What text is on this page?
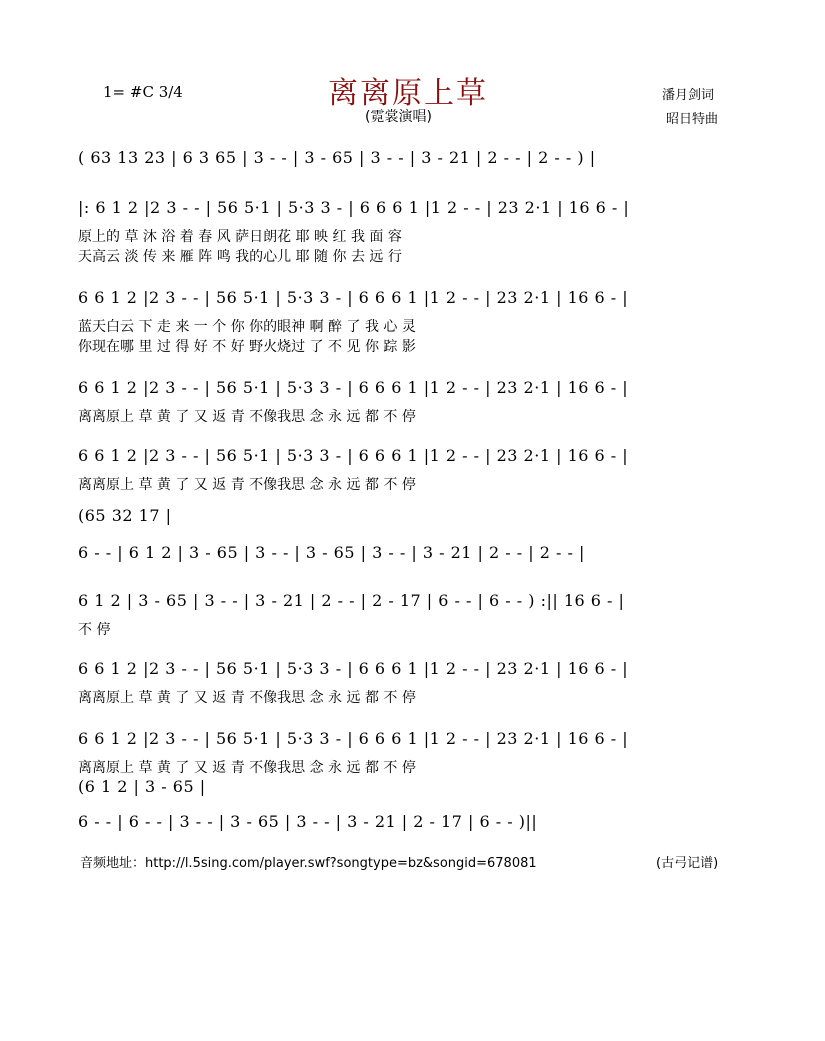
离离原上草
(霓裳演唱)
1= #C 3/4	潘月剑词
昭日特曲
( 63 13 23 | 6 3 65 | 3 - - | 3 - 65 | 3 - - | 3 - 21 | 2 - - | 2 - - ) |
|: 6 1 2 |2 3 - - | 56 5·1 | 5·3 3 - | 6 6 6 1 |1 2 - - | 23 2·1 | 16 6 - |
原上的 草 沐 浴 着 春 风 萨日朗花 耶 映 红 我 面 容
天高云 淡 传 来 雁 阵 鸣 我的心儿 耶 随 你 去 远 行
6 6 1 2 |2 3 - - | 56 5·1 | 5·3 3 - | 6 6 6 1 |1 2 - - | 23 2·1 | 16 6 - |
蓝天白云 下 走 来 一 个 你 你的眼神 啊 醉 了 我 心 灵
你现在哪 里 过 得 好 不 好 野火烧过 了 不 见 你 踪 影
6 6 1 2 |2 3 - - | 56 5·1 | 5·3 3 - | 6 6 6 1 |1 2 - - | 23 2·1 | 16 6 - |
离离原上 草 黄 了 又 返 青 不像我思 念 永 远 都 不 停
6 6 1 2 |2 3 - - | 56 5·1 | 5·3 3 - | 6 6 6 1 |1 2 - - | 23 2·1 | 16 6 - |
离离原上 草 黄 了 又 返 青 不像我思 念 永 远 都 不 停
(65 32 17 |
6 - - | 6 1 2 | 3 - 65 | 3 - - | 3 - 65 | 3 - - | 3 - 21 | 2 - - | 2 - - |
6 1 2 | 3 - 65 | 3 - - | 3 - 21 | 2 - - | 2 - 17 | 6 - - | 6 - - ) :|| 16 6 - |
不 停
6 6 1 2 |2 3 - - | 56 5·1 | 5·3 3 - | 6 6 6 1 |1 2 - - | 23 2·1 | 16 6 - |
离离原上 草 黄 了 又 返 青 不像我思 念 永 远 都 不 停
6 6 1 2 |2 3 - - | 56 5·1 | 5·3 3 - | 6 6 6 1 |1 2 - - | 23 2·1 | 16 6 - |
离离原上 草 黄 了 又 返 青 不像我思 念 永 远 都 不 停
(6 1 2 | 3 - 65 |
6 - - | 6 - - | 3 - - | 3 - 65 | 3 - - | 3 - 21 | 2 - 17 | 6 - - )||
音频地址：http://l.5sing.com/player.swf?songtype=bz&songid=678081	(古弓记谱)
